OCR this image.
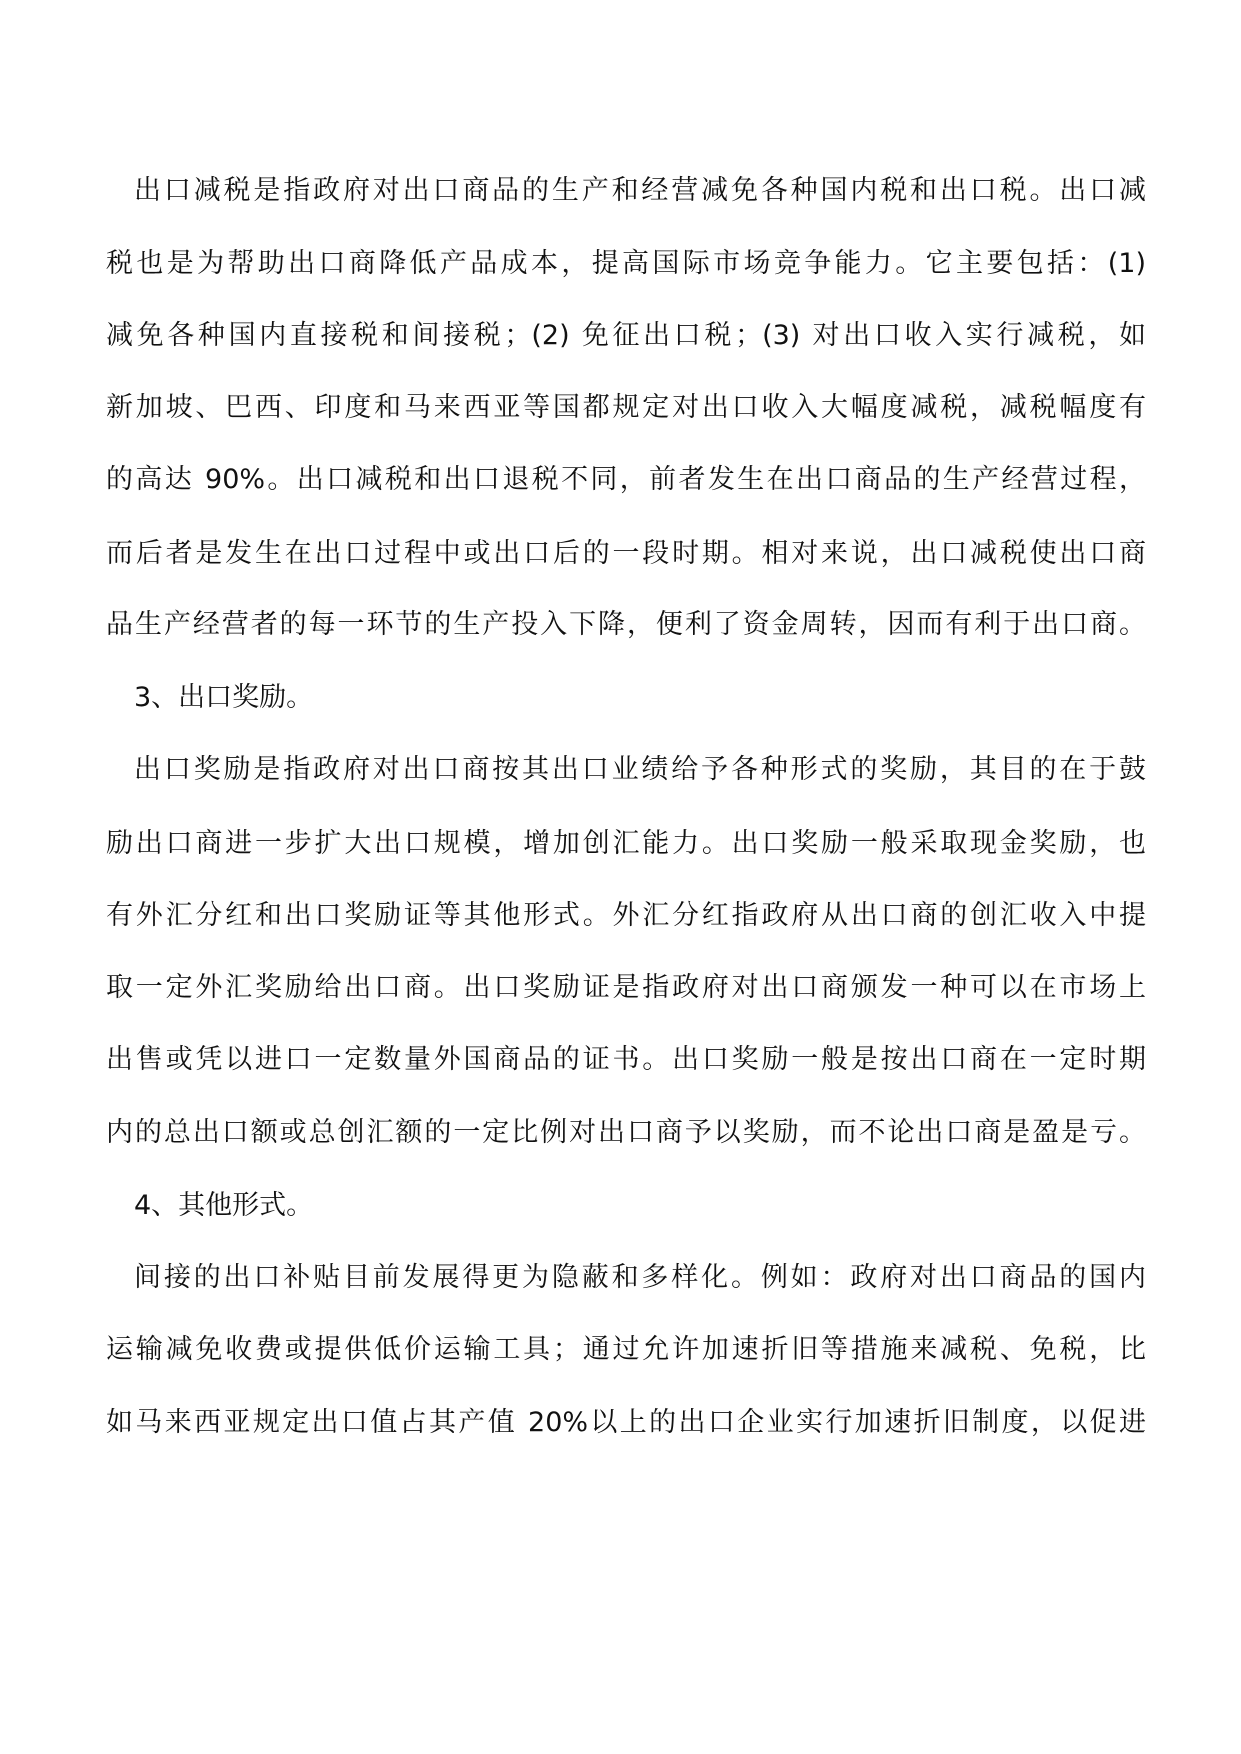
出口减税是指政府对出口商品的生产和经营减免各种国内税和出口税。出口减
税也是为帮助出口商降低产品成本，提高国际市场竞争能力。它主要包括：(1)
减免各种国内直接税和间接税；(2) 免征出口税；(3) 对出口收入实行减税，如
新加坡、巴西、印度和马来西亚等国都规定对出口收入大幅度减税，减税幅度有
的高达 90%。出口减税和出口退税不同，前者发生在出口商品的生产经营过程，
而后者是发生在出口过程中或出口后的一段时期。相对来说，出口减税使出口商
品生产经营者的每一环节的生产投入下降，便利了资金周转，因而有利于出口商。
3、出口奖励。
出口奖励是指政府对出口商按其出口业绩给予各种形式的奖励，其目的在于鼓
励出口商进一步扩大出口规模，增加创汇能力。出口奖励一般采取现金奖励，也
有外汇分红和出口奖励证等其他形式。外汇分红指政府从出口商的创汇收入中提
取一定外汇奖励给出口商。出口奖励证是指政府对出口商颁发一种可以在市场上
出售或凭以进口一定数量外国商品的证书。出口奖励一般是按出口商在一定时期
内的总出口额或总创汇额的一定比例对出口商予以奖励，而不论出口商是盈是亏。
4、其他形式。
间接的出口补贴目前发展得更为隐蔽和多样化。例如：政府对出口商品的国内
运输减免收费或提供低价运输工具；通过允许加速折旧等措施来减税、免税，比
如马来西亚规定出口值占其产值 20%以上的出口企业实行加速折旧制度，以促进
